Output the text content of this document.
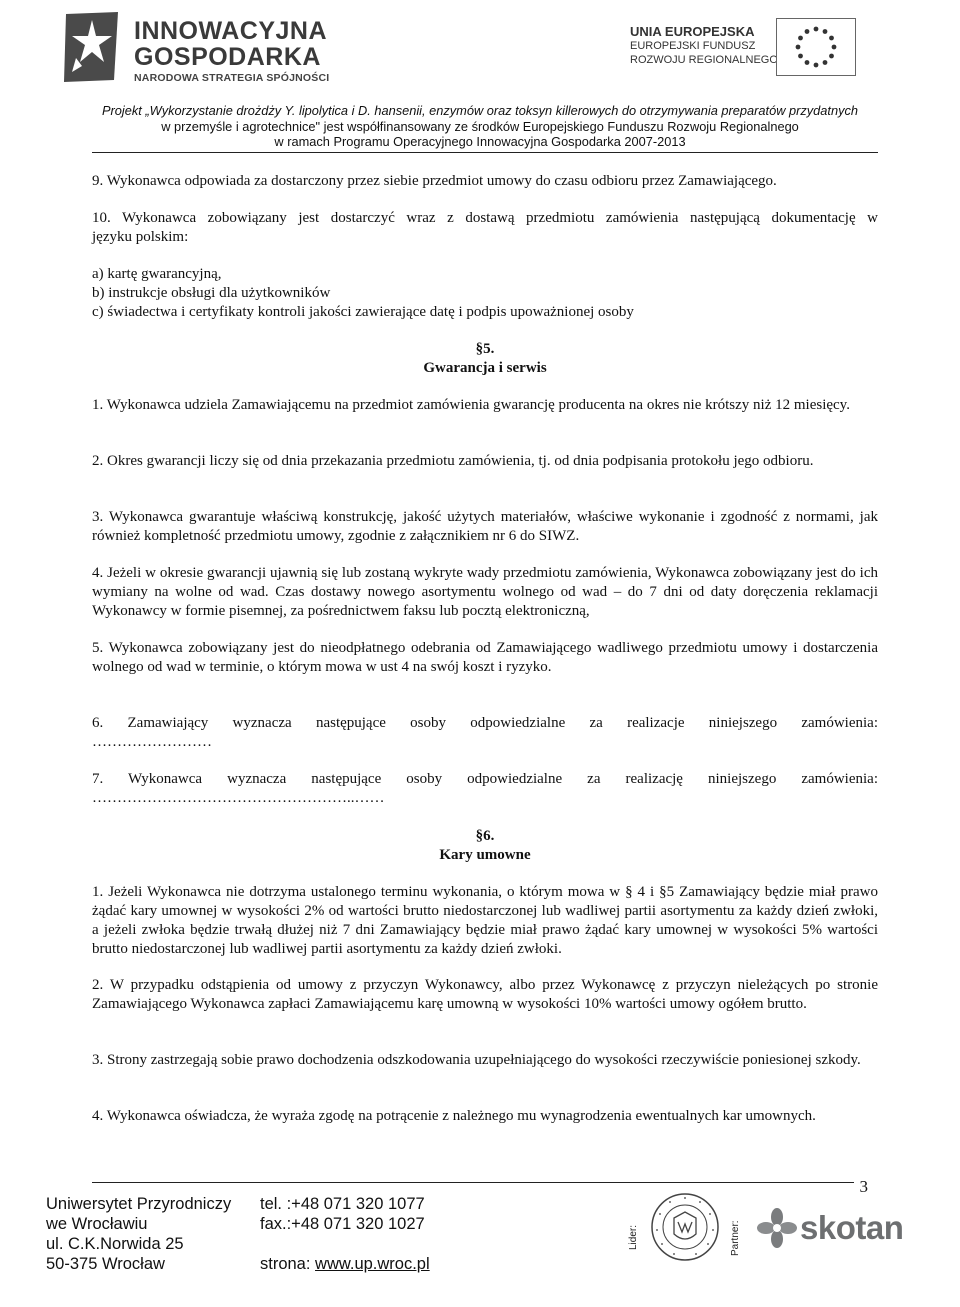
INNOWACYJNA
GOSPODARKA
NARODOWA STRATEGIA SPÓJNOŚCI
UNIA EUROPEJSKA
EUROPEJSKI FUNDUSZ
ROZWOJU REGIONALNEGO
Projekt „Wykorzystanie drożdży Y. lipolytica i D. hansenii, enzymów oraz toksyn killerowych do otrzymywania preparatów przydatnych
w przemyśle i agrotechnice" jest współfinansowany ze środków Europejskiego Funduszu Rozwoju Regionalnego
w ramach Programu Operacyjnego Innowacyjna Gospodarka 2007-2013
9. Wykonawca odpowiada za dostarczony przez siebie przedmiot umowy do czasu odbioru przez Zamawiającego.
10. Wykonawca zobowiązany jest dostarczyć wraz z dostawą przedmiotu zamówienia następującą dokumentację w
języku polskim:
a) kartę gwarancyjną,
b) instrukcje obsługi dla użytkowników
c) świadectwa i certyfikaty kontroli jakości zawierające datę i podpis upoważnionej osoby
§5.
Gwarancja i serwis
1. Wykonawca udziela Zamawiającemu na przedmiot zamówienia gwarancję producenta na okres nie krótszy niż 12 miesięcy.
2. Okres gwarancji liczy się od dnia przekazania przedmiotu zamówienia, tj. od dnia podpisania protokołu jego odbioru.
3. Wykonawca gwarantuje właściwą konstrukcję, jakość użytych materiałów, właściwe wykonanie i zgodność z normami, jak również kompletność przedmiotu umowy, zgodnie z załącznikiem nr 6 do SIWZ.
4. Jeżeli w okresie gwarancji ujawnią się lub zostaną wykryte wady przedmiotu zamówienia, Wykonawca zobowiązany jest do ich wymiany na wolne od wad. Czas dostawy nowego asortymentu wolnego od wad – do 7 dni od daty doręczenia reklamacji Wykonawcy w formie pisemnej, za pośrednictwem faksu lub pocztą elektroniczną,
5. Wykonawca zobowiązany jest do nieodpłatnego odebrania od Zamawiającego wadliwego przedmiotu umowy i dostarczenia wolnego od wad w terminie, o którym mowa w ust 4 na swój koszt i ryzyko.
6. Zamawiający wyznacza następujące osoby odpowiedzialne za realizacje niniejszego zamówienia:
……………………
7. Wykonawca wyznacza następujące osoby odpowiedzialne za realizację niniejszego zamówienia:
……………………………………………..……
§6.
Kary umowne
1. Jeżeli Wykonawca nie dotrzyma ustalonego terminu wykonania, o którym mowa w § 4 i §5 Zamawiający będzie miał prawo żądać kary umownej w wysokości 2% od wartości brutto niedostarczonej lub wadliwej partii asortymentu za każdy dzień zwłoki, a jeżeli zwłoka będzie trwałą dłużej niż 7 dni Zamawiający będzie miał prawo żądać kary umownej w wysokości 5% wartości brutto niedostarczonej lub wadliwej partii asortymentu za każdy dzień zwłoki.
2. W przypadku odstąpienia od umowy z przyczyn Wykonawcy, albo przez Wykonawcę z przyczyn nieleżących po stronie Zamawiającego Wykonawca zapłaci Zamawiającemu karę umowną w wysokości 10% wartości umowy ogółem brutto.
3. Strony zastrzegają sobie prawo dochodzenia odszkodowania uzupełniającego do wysokości rzeczywiście poniesionej szkody.
4. Wykonawca oświadcza, że wyraża zgodę na potrącenie z należnego mu wynagrodzenia ewentualnych kar umownych.
3
Uniwersytet Przyrodniczy
we Wrocławiu
ul. C.K.Norwida 25
50-375 Wrocław
tel. :+48 071 320 1077
fax.:+48 071 320 1027

strona: www.up.wroc.pl
Lider:	Partner: skotan
